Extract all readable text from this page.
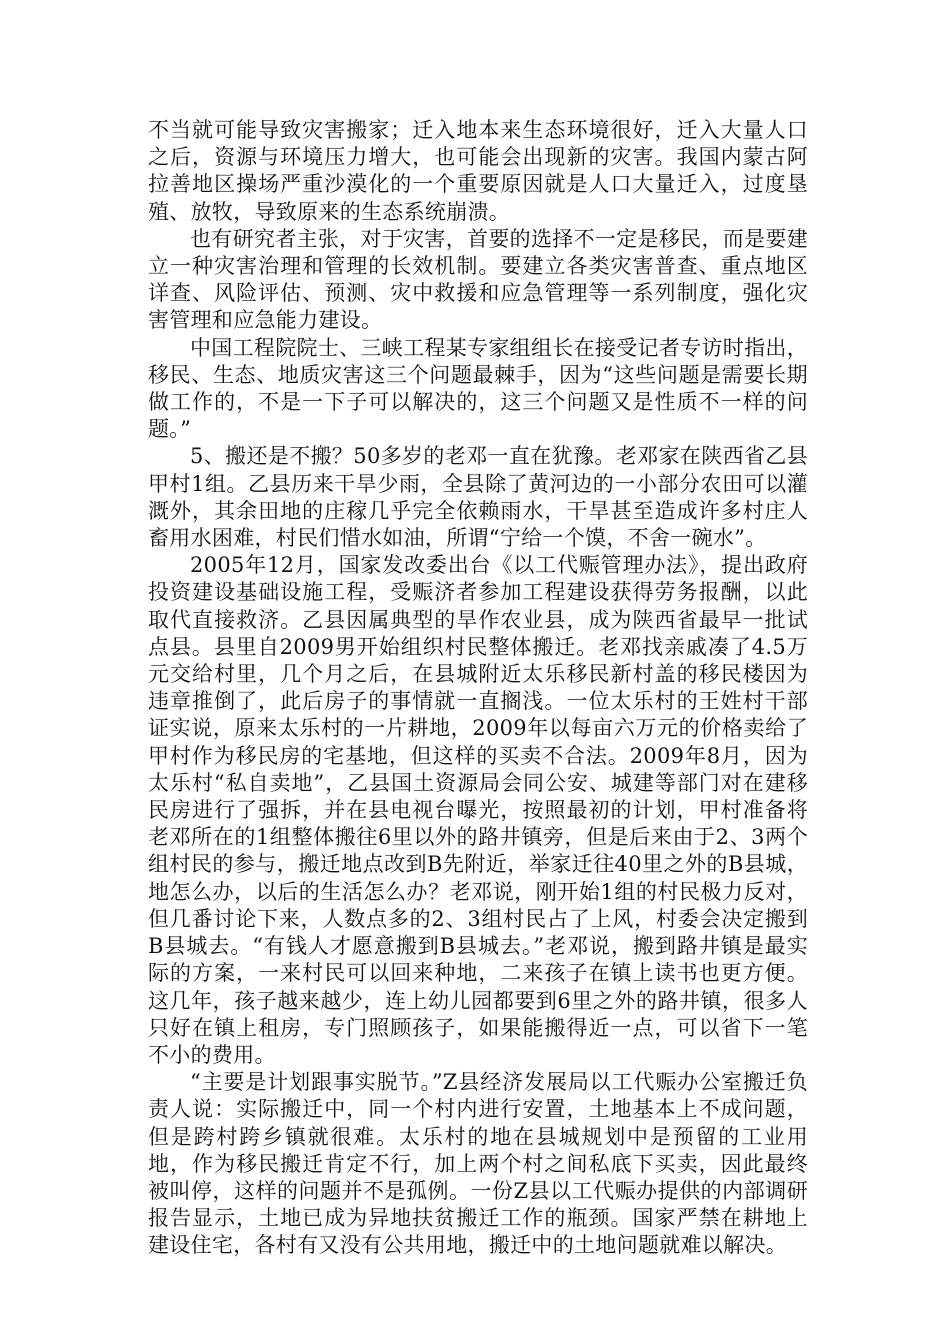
不当就可能导致灾害搬家；迁入地本来生态环境很好，迁入大量人口之后，资源与环境压力增大，也可能会出现新的灾害。我国内蒙古阿拉善地区操场严重沙漠化的一个重要原因就是人口大量迁入，过度垦殖、放牧，导致原来的生态系统崩溃。

也有研究者主张，对于灾害，首要的选择不一定是移民，而是要建立一种灾害治理和管理的长效机制。要建立各类灾害普查、重点地区详查、风险评估、预测、灾中救援和应急管理等一系列制度，强化灾害管理和应急能力建设。

中国工程院院士、三峡工程某专家组组长在接受记者专访时指出，移民、生态、地质灾害这三个问题最棘手，因为“这些问题是需要长期做工作的，不是一下子可以解决的，这三个问题又是性质不一样的问题。”

5、搬还是不搬？50多岁的老邓一直在犹豫。老邓家在陕西省乙县甲村1组。乙县历来干旱少雨，全县除了黄河边的一小部分农田可以灌溉外，其余田地的庄稼几乎完全依赖雨水，干旱甚至造成许多村庄人畜用水困难，村民们惜水如油，所谓“宁给一个馍，不舍一碗水”。

2005年12月，国家发改委出台《以工代赈管理办法》，提出政府投资建设基础设施工程，受赈济者参加工程建设获得劳务报酬，以此取代直接救济。乙县因属典型的旱作农业县，成为陕西省最早一批试点县。县里自2009男开始组织村民整体搬迁。老邓找亲戚凑了4.5万元交给村里，几个月之后，在县城附近太乐移民新村盖的移民楼因为违章推倒了，此后房子的事情就一直搁浅。一位太乐村的王姓村干部证实说，原来太乐村的一片耕地，2009年以每亩六万元的价格卖给了甲村作为移民房的宅基地，但这样的买卖不合法。2009年8月，因为太乐村“私自卖地”，乙县国土资源局会同公安、城建等部门对在建移民房进行了强拆，并在县电视台曝光，按照最初的计划，甲村准备将老邓所在的1组整体搬往6里以外的路井镇旁，但是后来由于2、3两个组村民的参与，搬迁地点改到B先附近，举家迁往40里之外的B县城，地怎么办，以后的生活怎么办？老邓说，刚开始1组的村民极力反对，但几番讨论下来，人数点多的2、3组村民占了上风，村委会决定搬到B县城去。“有钱人才愿意搬到B县城去。”老邓说，搬到路井镇是最实际的方案，一来村民可以回来种地，二来孩子在镇上读书也更方便。这几年，孩子越来越少，连上幼儿园都要到6里之外的路井镇，很多人只好在镇上租房，专门照顾孩子，如果能搬得近一点，可以省下一笔不小的费用。

“主要是计划跟事实脱节。”Z县经济发展局以工代赈办公室搬迁负责人说：实际搬迁中，同一个村内进行安置，土地基本上不成问题，但是跨村跨乡镇就很难。太乐村的地在县城规划中是预留的工业用地，作为移民搬迁肯定不行，加上两个村之间私底下买卖，因此最终被叫停，这样的问题并不是孤例。一份Z县以工代赈办提供的内部调研报告显示，土地已成为异地扶贫搬迁工作的瓶颈。国家严禁在耕地上建设住宅，各村有又没有公共用地，搬迁中的土地问题就难以解决。
